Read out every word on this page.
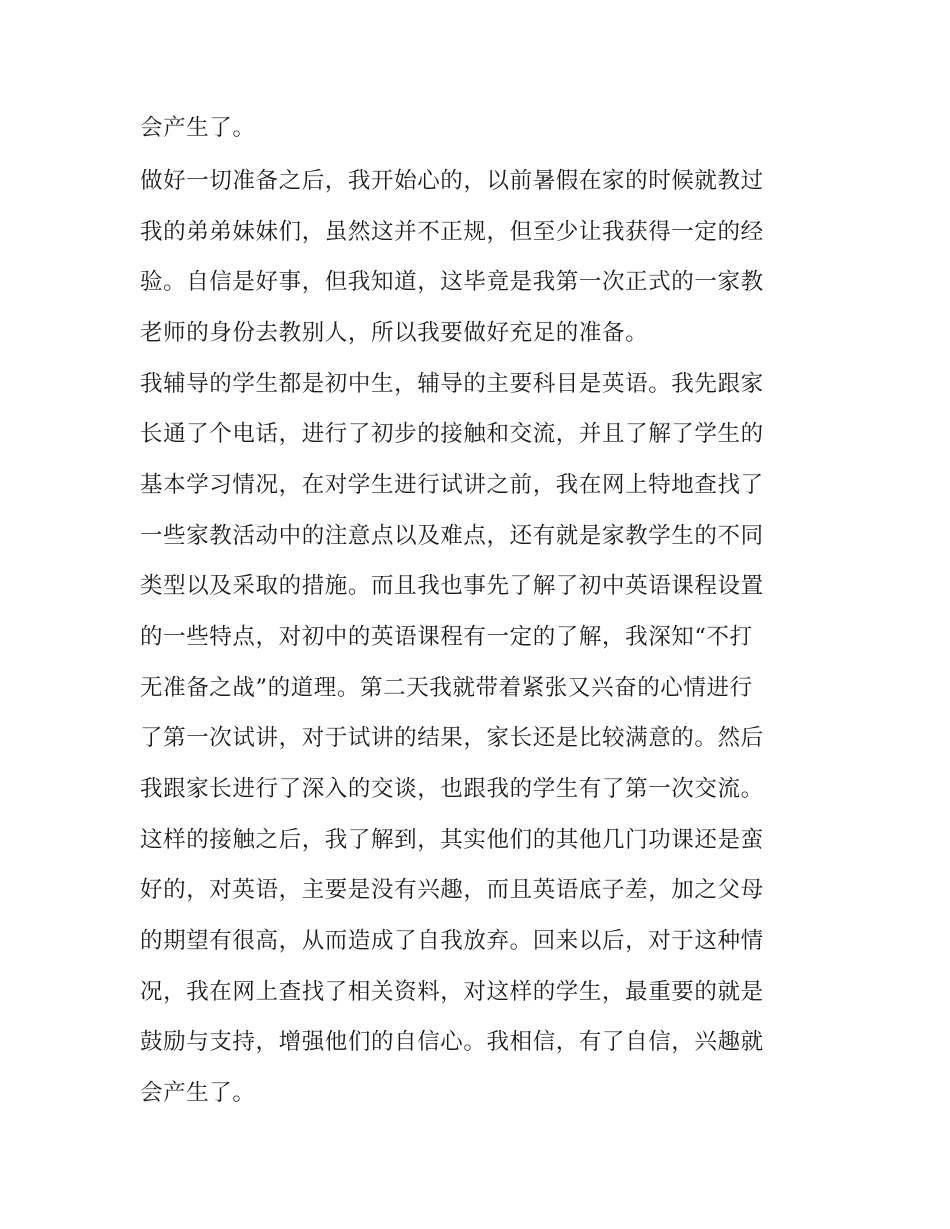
会产生了。
做好一切准备之后，我开始心的，以前暑假在家的时候就教过
我的弟弟妹妹们，虽然这并不正规，但至少让我获得一定的经
验。自信是好事，但我知道，这毕竟是我第一次正式的一家教
老师的身份去教别人，所以我要做好充足的准备。
我辅导的学生都是初中生，辅导的主要科目是英语。我先跟家
长通了个电话，进行了初步的接触和交流，并且了解了学生的
基本学习情况，在对学生进行试讲之前，我在网上特地查找了
一些家教活动中的注意点以及难点，还有就是家教学生的不同
类型以及采取的措施。而且我也事先了解了初中英语课程设置
的一些特点，对初中的英语课程有一定的了解，我深知“不打
无准备之战”的道理。第二天我就带着紧张又兴奋的心情进行
了第一次试讲，对于试讲的结果，家长还是比较满意的。然后
我跟家长进行了深入的交谈，也跟我的学生有了第一次交流。
这样的接触之后，我了解到，其实他们的其他几门功课还是蛮
好的，对英语，主要是没有兴趣，而且英语底子差，加之父母
的期望有很高，从而造成了自我放弃。回来以后，对于这种情
况，我在网上查找了相关资料，对这样的学生，最重要的就是
鼓励与支持，增强他们的自信心。我相信，有了自信，兴趣就
会产生了。
